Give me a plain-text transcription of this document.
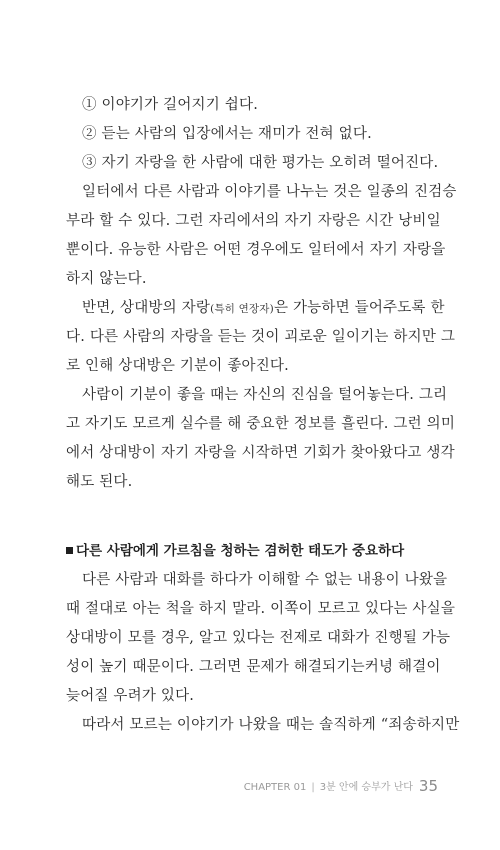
① 이야기가 길어지기 쉽다.
② 듣는 사람의 입장에서는 재미가 전혀 없다.
③ 자기 자랑을 한 사람에 대한 평가는 오히려 떨어진다.
일터에서 다른 사람과 이야기를 나누는 것은 일종의 진검승
부라 할 수 있다. 그런 자리에서의 자기 자랑은 시간 낭비일
뿐이다. 유능한 사람은 어떤 경우에도 일터에서 자기 자랑을
하지 않는다.
반면, 상대방의 자랑(특히 연장자)은 가능하면 들어주도록 한
다. 다른 사람의 자랑을 듣는 것이 괴로운 일이기는 하지만 그
로 인해 상대방은 기분이 좋아진다.
사람이 기분이 좋을 때는 자신의 진심을 털어놓는다. 그리
고 자기도 모르게 실수를 해 중요한 정보를 흘린다. 그런 의미
에서 상대방이 자기 자랑을 시작하면 기회가 찾아왔다고 생각
해도 된다.
다른 사람에게 가르침을 청하는 겸허한 태도가 중요하다
다른 사람과 대화를 하다가 이해할 수 없는 내용이 나왔을
때 절대로 아는 척을 하지 말라. 이쪽이 모르고 있다는 사실을
상대방이 모를 경우, 알고 있다는 전제로 대화가 진행될 가능
성이 높기 때문이다. 그러면 문제가 해결되기는커녕 해결이
늦어질 우려가 있다.
따라서 모르는 이야기가 나왔을 때는 솔직하게 “죄송하지만
CHAPTER 01 | 3분 안에 승부가 난다 35
